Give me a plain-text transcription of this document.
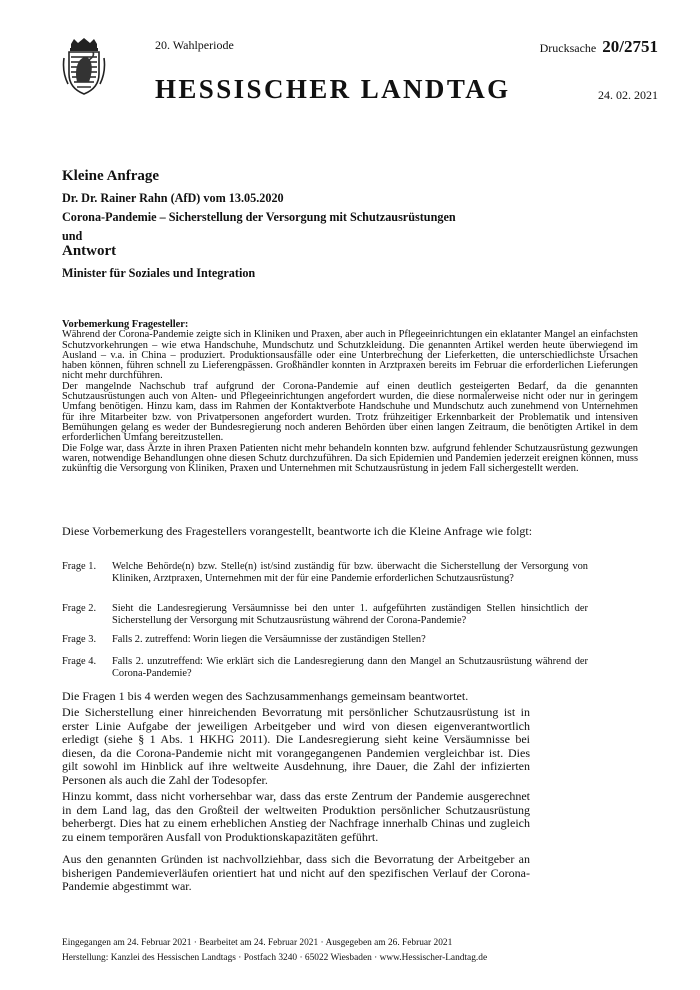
20. Wahlperiode
HESSISCHER LANDTAG
Drucksache 20/2751
24. 02. 2021
Kleine Anfrage
Dr. Dr. Rainer Rahn (AfD) vom 13.05.2020
Corona-Pandemie – Sicherstellung der Versorgung mit Schutzausrüstungen
und
Antwort
Minister für Soziales und Integration
Vorbemerkung Fragesteller:
Während der Corona-Pandemie zeigte sich in Kliniken und Praxen, aber auch in Pflegeeinrichtungen ein eklatanter Mangel an einfachsten Schutzvorkehrungen – wie etwa Handschuhe, Mundschutz und Schutzkleidung. Die genannten Artikel werden heute überwiegend im Ausland – v.a. in China – produziert. Produktionsausfälle oder eine Unterbrechung der Lieferketten, die unterschiedlichste Ursachen haben können, führen schnell zu Lieferengpässen. Großhändler konnten in Arztpraxen bereits im Februar die erforderlichen Lieferungen nicht mehr durchführen.
Der mangelnde Nachschub traf aufgrund der Corona-Pandemie auf einen deutlich gesteigerten Bedarf, da die genannten Schutzausrüstungen auch von Alten- und Pflegeeinrichtungen angefordert wurden, die diese normalerweise nicht oder nur in geringem Umfang benötigen. Hinzu kam, dass im Rahmen der Kontaktverbote Handschuhe und Mundschutz auch zunehmend von Unternehmen für ihre Mitarbeiter bzw. von Privatpersonen angefordert wurden. Trotz frühzeitiger Erkennbarkeit der Problematik und intensiven Bemühungen gelang es weder der Bundesregierung noch anderen Behörden über einen langen Zeitraum, die benötigten Artikel in dem erforderlichen Umfang bereitzustellen.
Die Folge war, dass Ärzte in ihren Praxen Patienten nicht mehr behandeln konnten bzw. aufgrund fehlender Schutzausrüstung gezwungen waren, notwendige Behandlungen ohne diesen Schutz durchzuführen. Da sich Epidemien und Pandemien jederzeit ereignen können, muss zukünftig die Versorgung von Kliniken, Praxen und Unternehmen mit Schutzausrüstung in jedem Fall sichergestellt werden.
Diese Vorbemerkung des Fragestellers vorangestellt, beantworte ich die Kleine Anfrage wie folgt:
Frage 1. Welche Behörde(n) bzw. Stelle(n) ist/sind zuständig für bzw. überwacht die Sicherstellung der Versorgung von Kliniken, Arztpraxen, Unternehmen mit der für eine Pandemie erforderlichen Schutzausrüstung?
Frage 2. Sieht die Landesregierung Versäumnisse bei den unter 1. aufgeführten zuständigen Stellen hinsichtlich der Sicherstellung der Versorgung mit Schutzausrüstung während der Corona-Pandemie?
Frage 3. Falls 2. zutreffend: Worin liegen die Versäumnisse der zuständigen Stellen?
Frage 4. Falls 2. unzutreffend: Wie erklärt sich die Landesregierung dann den Mangel an Schutzausrüstung während der Corona-Pandemie?
Die Fragen 1 bis 4 werden wegen des Sachzusammenhangs gemeinsam beantwortet.
Die Sicherstellung einer hinreichenden Bevorratung mit persönlicher Schutzausrüstung ist in erster Linie Aufgabe der jeweiligen Arbeitgeber und wird von diesen eigenverantwortlich erledigt (siehe § 1 Abs. 1 HKHG 2011). Die Landesregierung sieht keine Versäumnisse bei diesen, da die Corona-Pandemie nicht mit vorangegangenen Pandemien vergleichbar ist. Dies gilt sowohl im Hinblick auf ihre weltweite Ausdehnung, ihre Dauer, die Zahl der infizierten Personen als auch die Zahl der Todesopfer.
Hinzu kommt, dass nicht vorhersehbar war, dass das erste Zentrum der Pandemie ausgerechnet in dem Land lag, das den Großteil der weltweiten Produktion persönlicher Schutzausrüstung beherbergt. Dies hat zu einem erheblichen Anstieg der Nachfrage innerhalb Chinas und zugleich zu einem temporären Ausfall von Produktionskapazitäten geführt.
Aus den genannten Gründen ist nachvollziehbar, dass sich die Bevorratung der Arbeitgeber an bisherigen Pandemieverläufen orientiert hat und nicht auf den spezifischen Verlauf der Corona-Pandemie abgestimmt war.
Eingegangen am 24. Februar 2021 · Bearbeitet am 24. Februar 2021 · Ausgegeben am 26. Februar 2021
Herstellung: Kanzlei des Hessischen Landtags · Postfach 3240 · 65022 Wiesbaden · www.Hessischer-Landtag.de
